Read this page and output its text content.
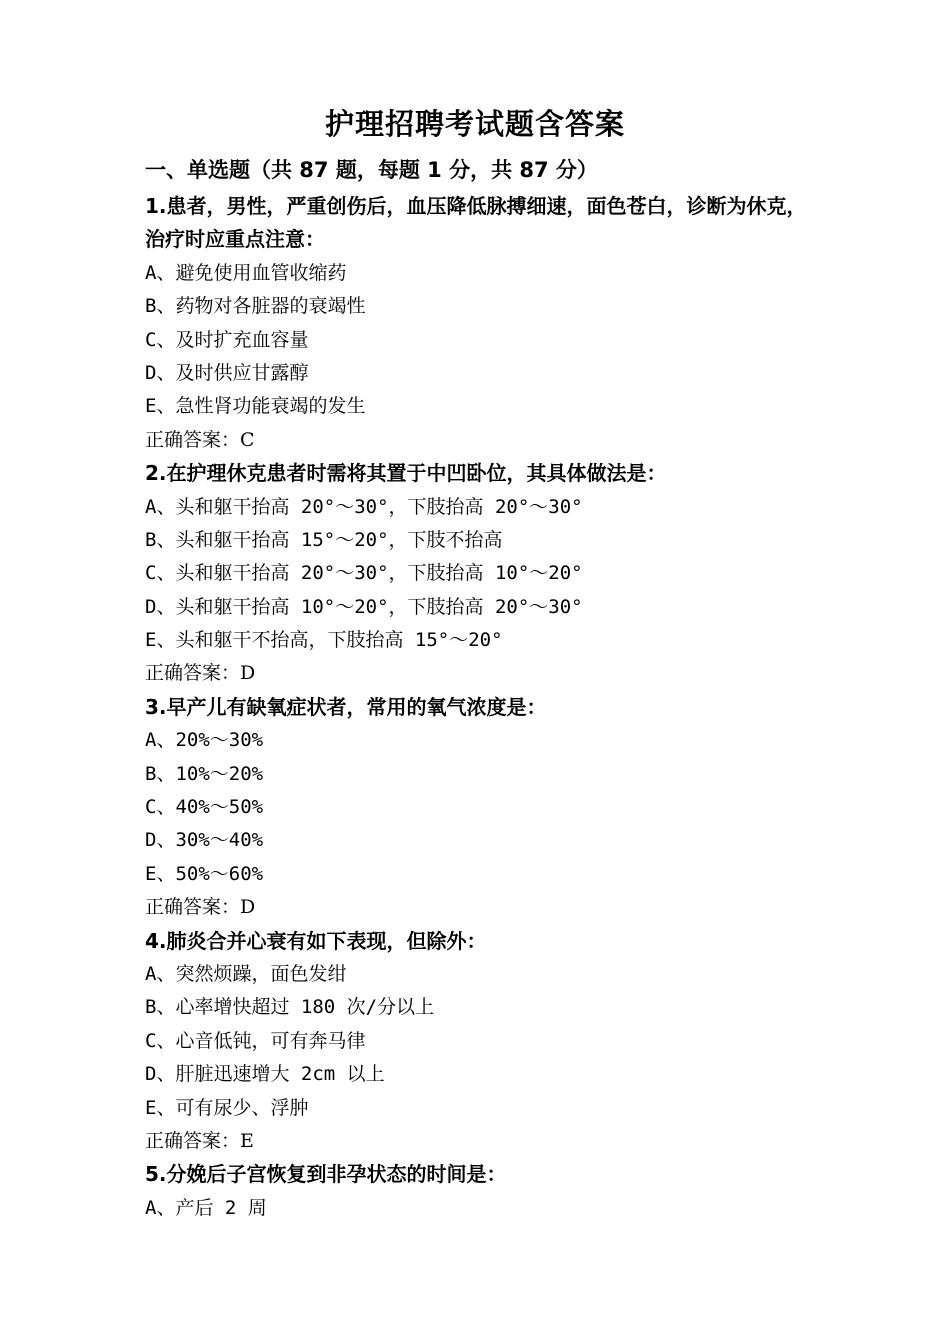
护理招聘考试题含答案
一、单选题（共 87 题，每题 1 分，共 87 分）
1.患者，男性，严重创伤后，血压降低脉搏细速，面色苍白，诊断为休克，治疗时应重点注意：
A、避免使用血管收缩药
B、药物对各脏器的衰竭性
C、及时扩充血容量
D、及时供应甘露醇
E、急性肾功能衰竭的发生
正确答案：C
2.在护理休克患者时需将其置于中凹卧位，其具体做法是：
A、头和躯干抬高 20°～30°，下肢抬高 20°～30°
B、头和躯干抬高 15°～20°，下肢不抬高
C、头和躯干抬高 20°～30°，下肢抬高 10°～20°
D、头和躯干抬高 10°～20°，下肢抬高 20°～30°
E、头和躯干不抬高，下肢抬高 15°～20°
正确答案：D
3.早产儿有缺氧症状者，常用的氧气浓度是：
A、20%～30%
B、10%～20%
C、40%～50%
D、30%～40%
E、50%～60%
正确答案：D
4.肺炎合并心衰有如下表现，但除外：
A、突然烦躁，面色发绀
B、心率增快超过 180 次/分以上
C、心音低钝，可有奔马律
D、肝脏迅速增大 2cm 以上
E、可有尿少、浮肿
正确答案：E
5.分娩后子宫恢复到非孕状态的时间是：
A、产后 2 周
